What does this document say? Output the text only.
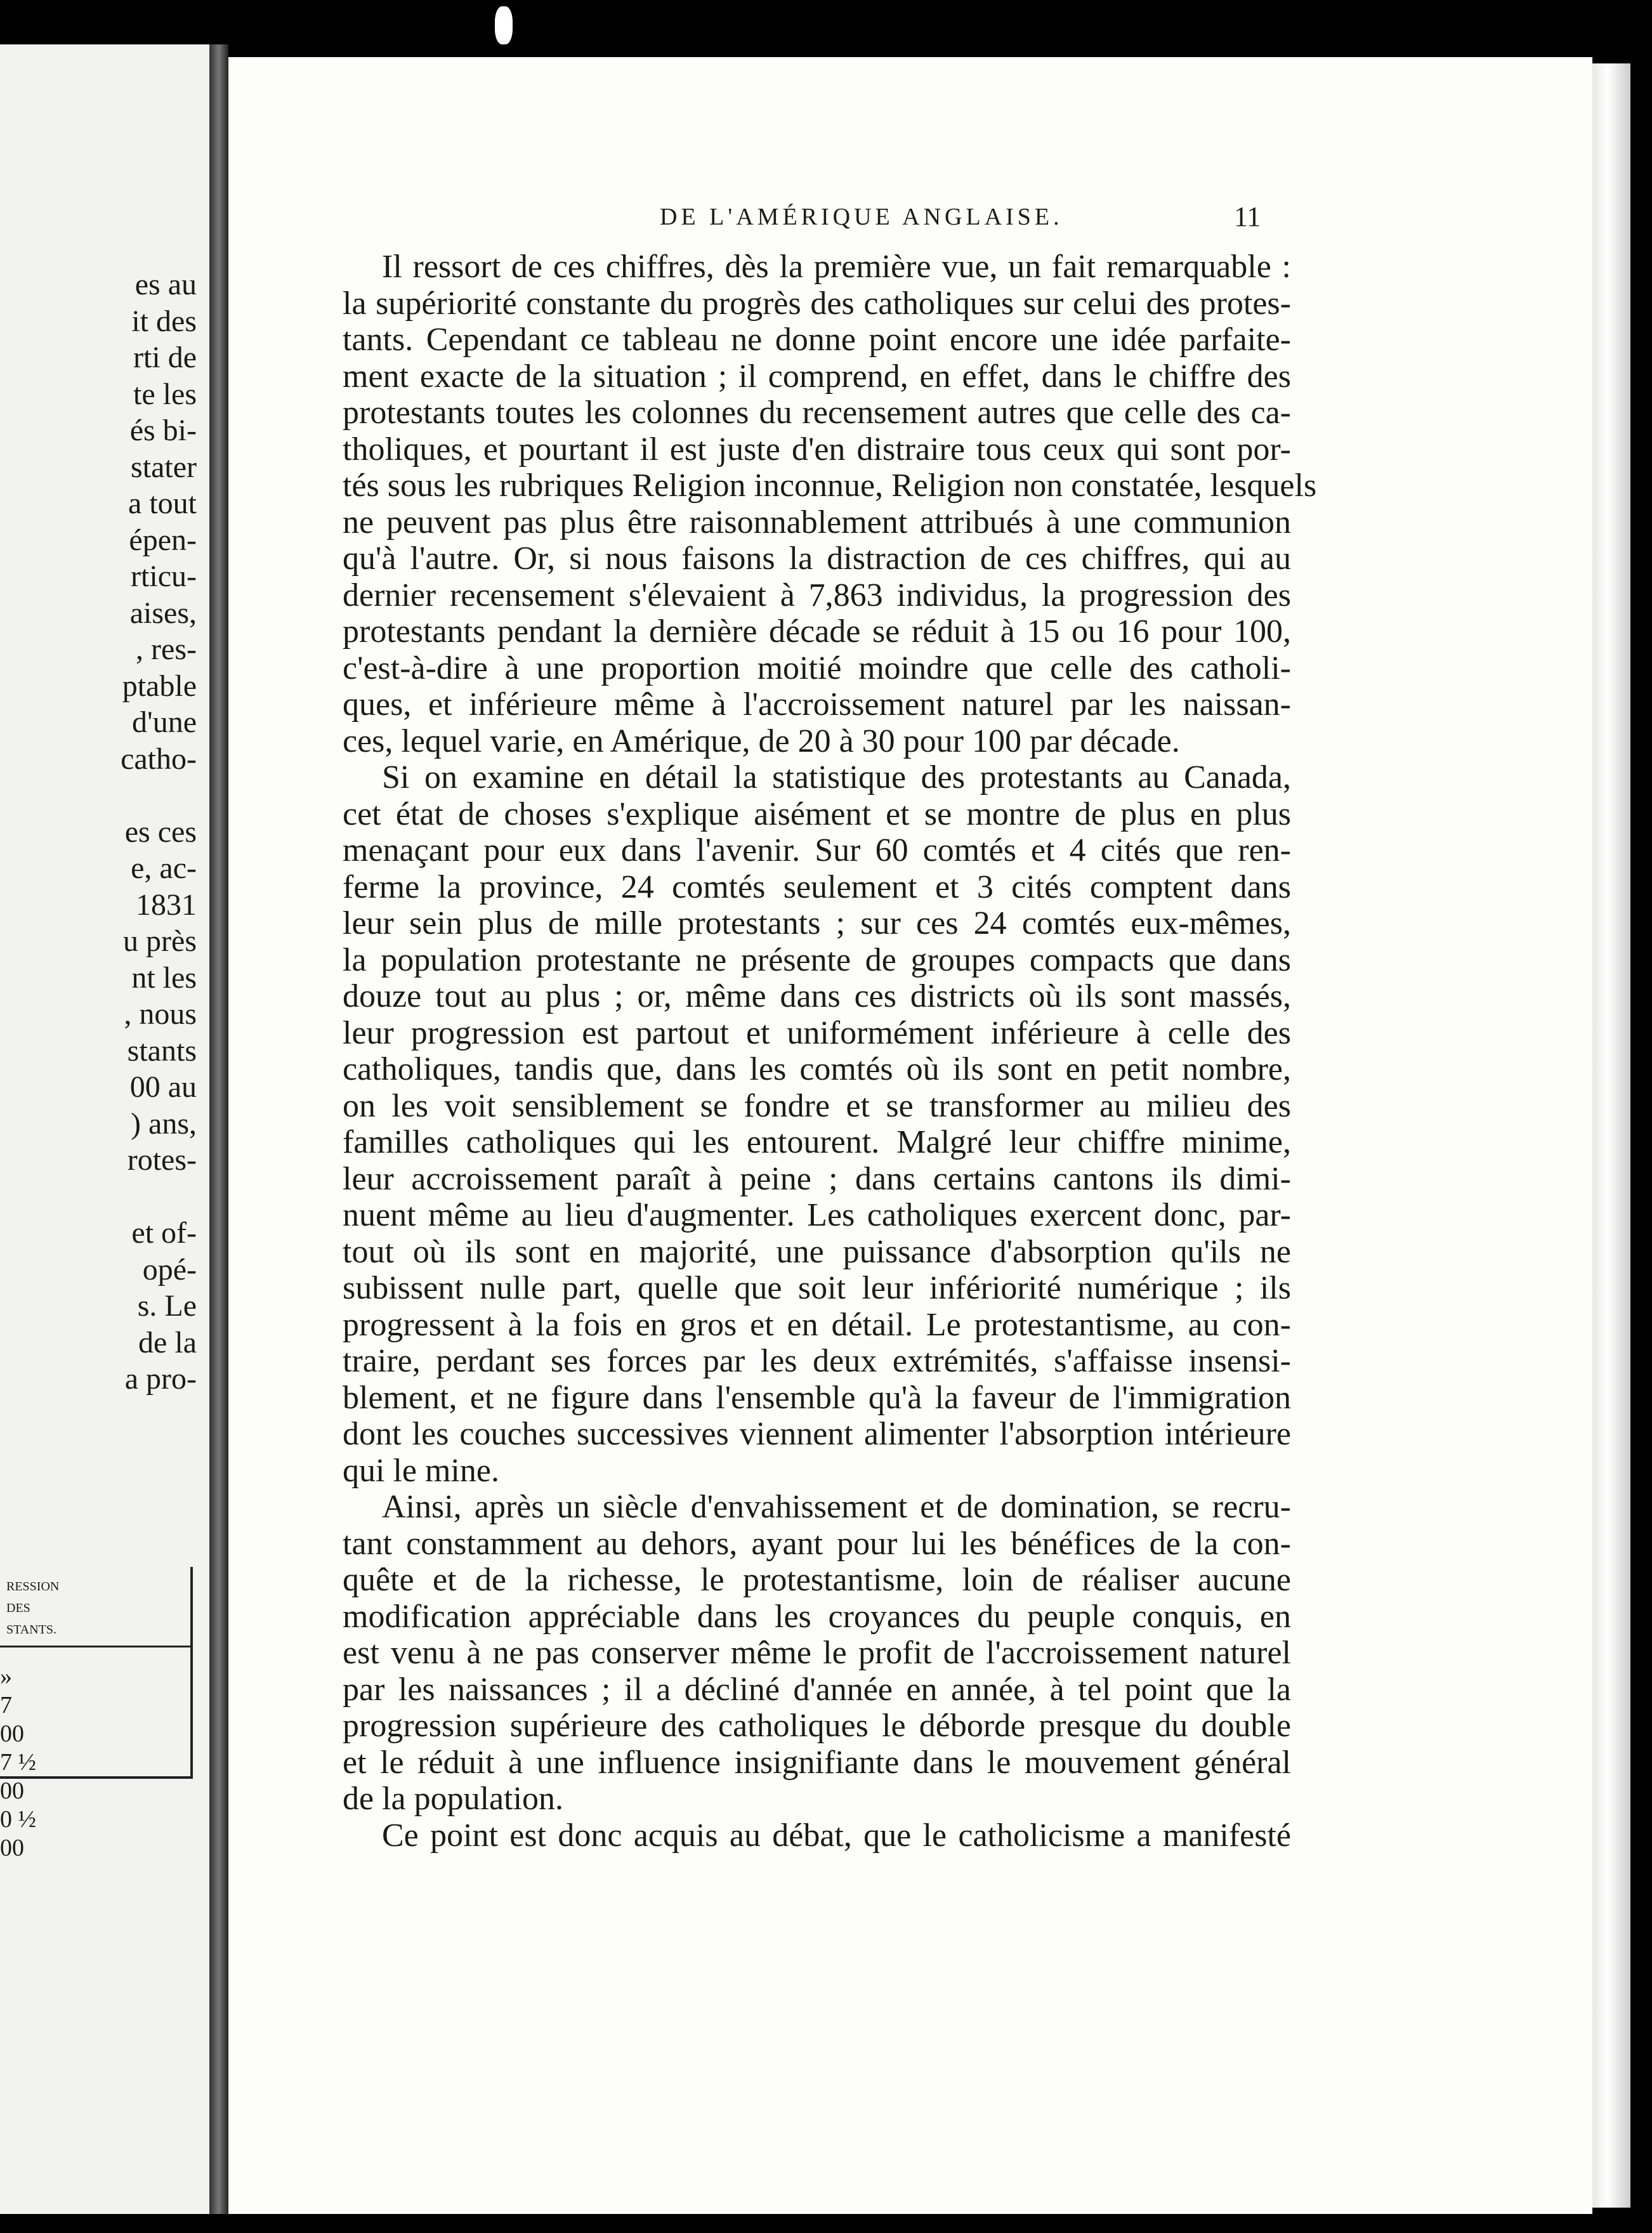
es au
it des
rti de
te les
és bi-
stater
a tout
épen-
rticu-
aises,
, res-
ptable
d'une
catho-

es ces
e, ac-
1831
u près
nt les
, nous
stants
00 au
) ans,
rotes-

et of-
opé-
s. Le
de la
a pro-
RESSION
DES
STANTS.
»
7
00
7 ½
00
0 ½
00
DE L'AMÉRIQUE ANGLAISE.	11
Il ressort de ces chiffres, dès la première vue, un fait remarquable :
la supériorité constante du progrès des catholiques sur celui des protes-
tants. Cependant ce tableau ne donne point encore une idée parfaite-
ment exacte de la situation ; il comprend, en effet, dans le chiffre des
protestants toutes les colonnes du recensement autres que celle des ca-
tholiques, et pourtant il est juste d'en distraire tous ceux qui sont por-
tés sous les rubriques Religion inconnue, Religion non constatée, lesquels
ne peuvent pas plus être raisonnablement attribués à une communion
qu'à l'autre. Or, si nous faisons la distraction de ces chiffres, qui au
dernier recensement s'élevaient à 7,863 individus, la progression des
protestants pendant la dernière décade se réduit à 15 ou 16 pour 100,
c'est-à-dire à une proportion moitié moindre que celle des catholi-
ques, et inférieure même à l'accroissement naturel par les naissan-
ces, lequel varie, en Amérique, de 20 à 30 pour 100 par décade.
Si on examine en détail la statistique des protestants au Canada,
cet état de choses s'explique aisément et se montre de plus en plus
menaçant pour eux dans l'avenir. Sur 60 comtés et 4 cités que ren-
ferme la province, 24 comtés seulement et 3 cités comptent dans
leur sein plus de mille protestants ; sur ces 24 comtés eux-mêmes,
la population protestante ne présente de groupes compacts que dans
douze tout au plus ; or, même dans ces districts où ils sont massés,
leur progression est partout et uniformément inférieure à celle des
catholiques, tandis que, dans les comtés où ils sont en petit nombre,
on les voit sensiblement se fondre et se transformer au milieu des
familles catholiques qui les entourent. Malgré leur chiffre minime,
leur accroissement paraît à peine ; dans certains cantons ils dimi-
nuent même au lieu d'augmenter. Les catholiques exercent donc, par-
tout où ils sont en majorité, une puissance d'absorption qu'ils ne
subissent nulle part, quelle que soit leur infériorité numérique ; ils
progressent à la fois en gros et en détail. Le protestantisme, au con-
traire, perdant ses forces par les deux extrémités, s'affaisse insensi-
blement, et ne figure dans l'ensemble qu'à la faveur de l'immigration
dont les couches successives viennent alimenter l'absorption intérieure
qui le mine.
Ainsi, après un siècle d'envahissement et de domination, se recru-
tant constamment au dehors, ayant pour lui les bénéfices de la con-
quête et de la richesse, le protestantisme, loin de réaliser aucune
modification appréciable dans les croyances du peuple conquis, en
est venu à ne pas conserver même le profit de l'accroissement naturel
par les naissances ; il a décliné d'année en année, à tel point que la
progression supérieure des catholiques le déborde presque du double
et le réduit à une influence insignifiante dans le mouvement général
de la population.
Ce point est donc acquis au débat, que le catholicisme a manifesté
